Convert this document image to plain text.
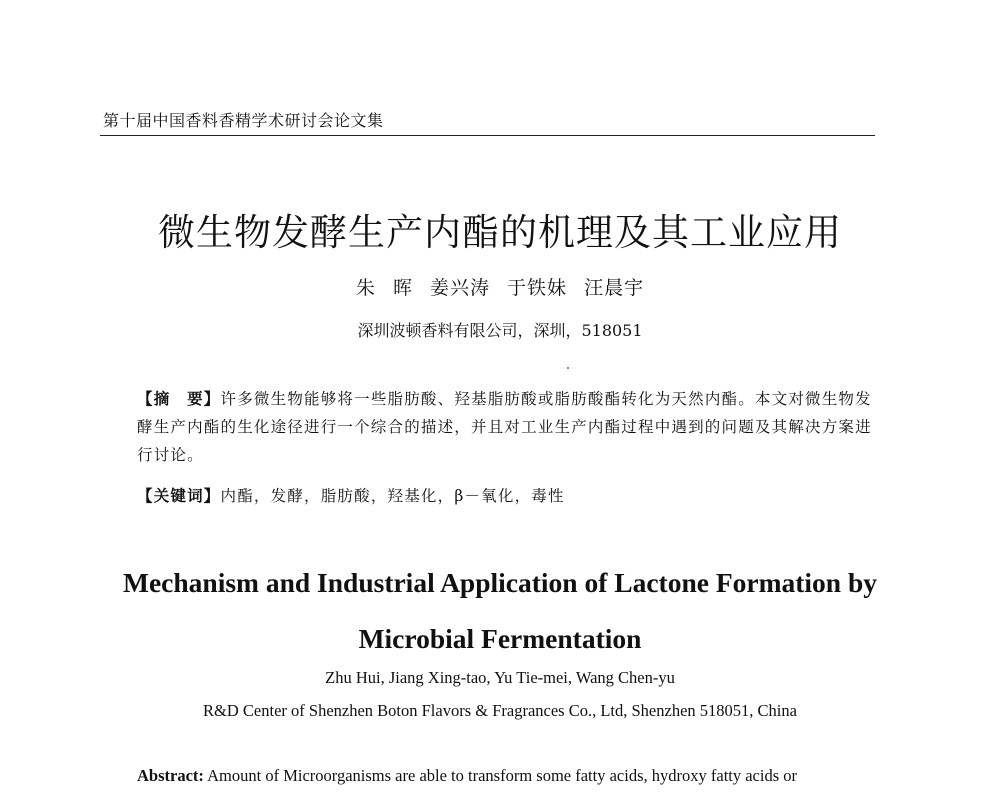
第十届中国香料香精学术研讨会论文集
微生物发酵生产内酯的机理及其工业应用
朱 晖 姜兴涛 于铁妹 汪晨宇
深圳波顿香料有限公司，深圳，518051
【摘　要】许多微生物能够将一些脂肪酸、羟基脂肪酸或脂肪酸酯转化为天然内酯。本文对微生物发酵生产内酯的生化途径进行一个综合的描述，并且对工业生产内酯过程中遇到的问题及其解决方案进行讨论。
【关键词】内酯，发酵，脂肪酸，羟基化，β－氧化，毒性
Mechanism and Industrial Application of Lactone Formation by
Microbial Fermentation
Zhu Hui, Jiang Xing-tao, Yu Tie-mei, Wang Chen-yu
R&D Center of Shenzhen Boton Flavors & Fragrances Co., Ltd, Shenzhen 518051, China
Abstract: Amount of Microorganisms are able to transform some fatty acids, hydroxy fatty acids or
